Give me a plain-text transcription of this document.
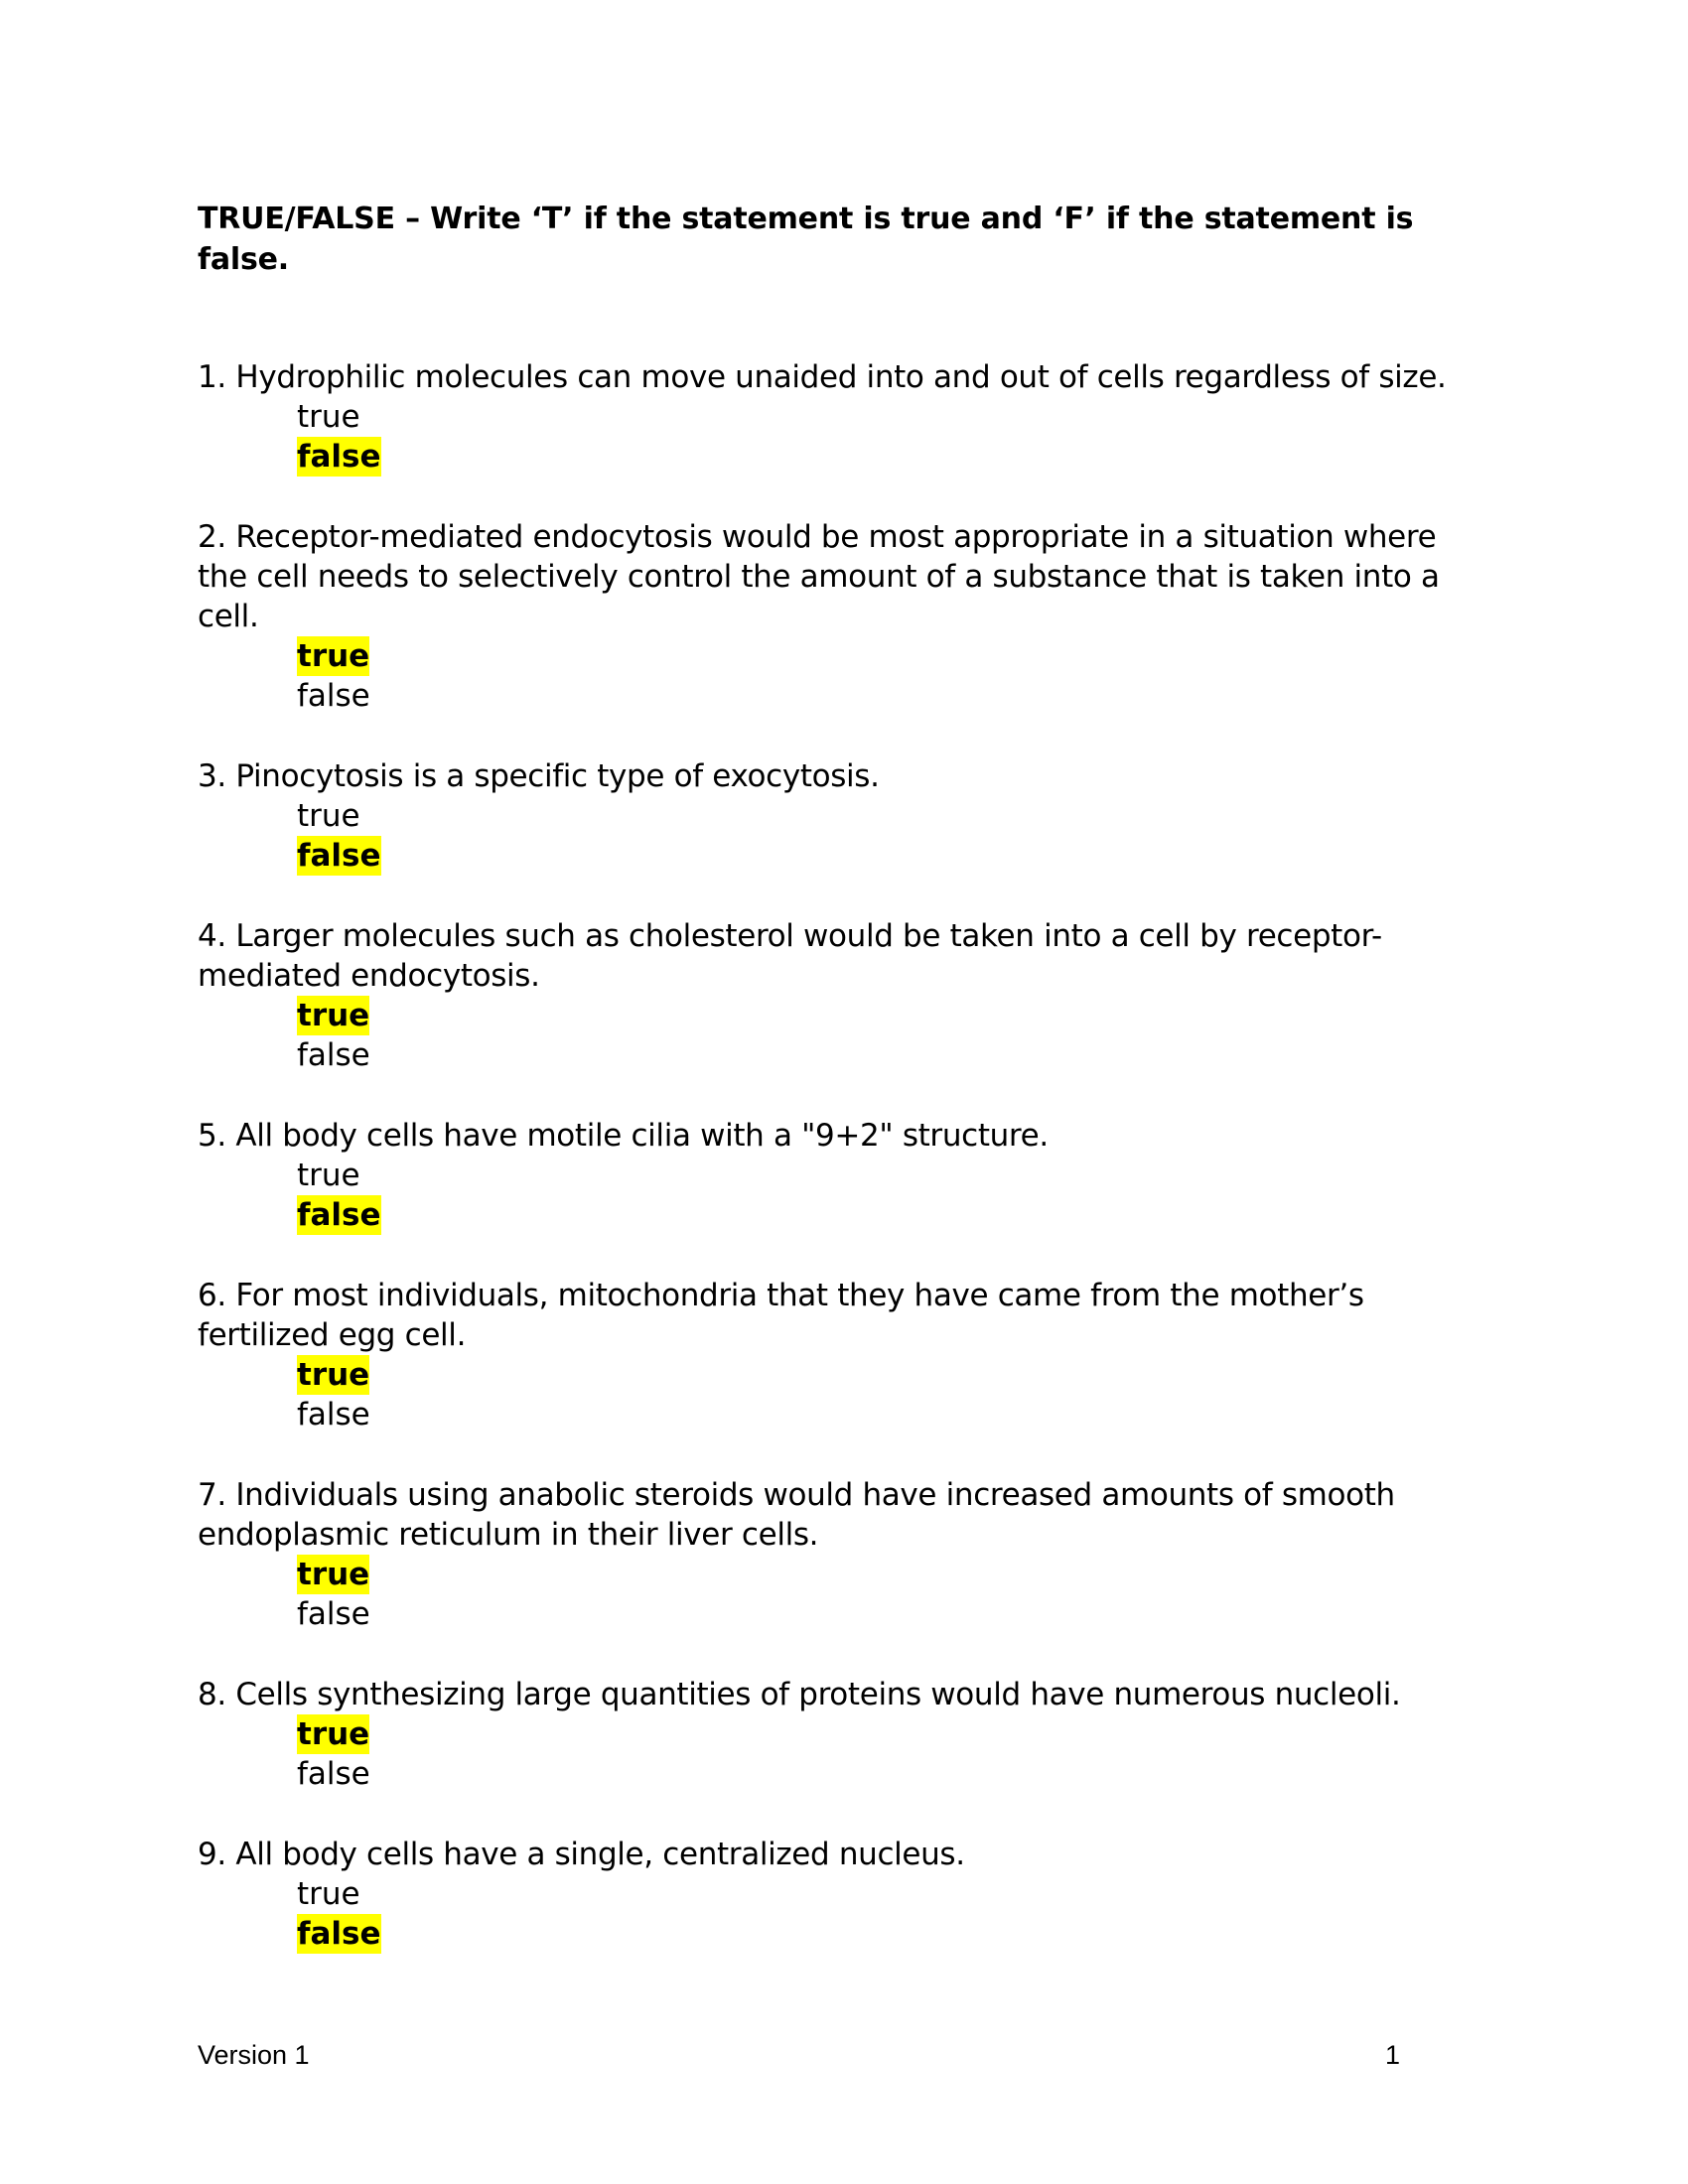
TRUE/FALSE – Write ‘T’ if the statement is true and ‘F’ if the statement is false.

1. Hydrophilic molecules can move unaided into and out of cells regardless of size.

true
false

2. Receptor-mediated endocytosis would be most appropriate in a situation where the cell needs to selectively control the amount of a substance that is taken into a cell.

true
false

3. Pinocytosis is a specific type of exocytosis.

true
false

4. Larger molecules such as cholesterol would be taken into a cell by receptor-mediated endocytosis.

true
false

5. All body cells have motile cilia with a "9+2" structure.

true
false

6. For most individuals, mitochondria that they have came from the mother’s fertilized egg cell.

true
false

7. Individuals using anabolic steroids would have increased amounts of smooth endoplasmic reticulum in their liver cells.

true
false

8. Cells synthesizing large quantities of proteins would have numerous nucleoli.

true
false

9. All body cells have a single, centralized nucleus.

true
false
Version 1	1
